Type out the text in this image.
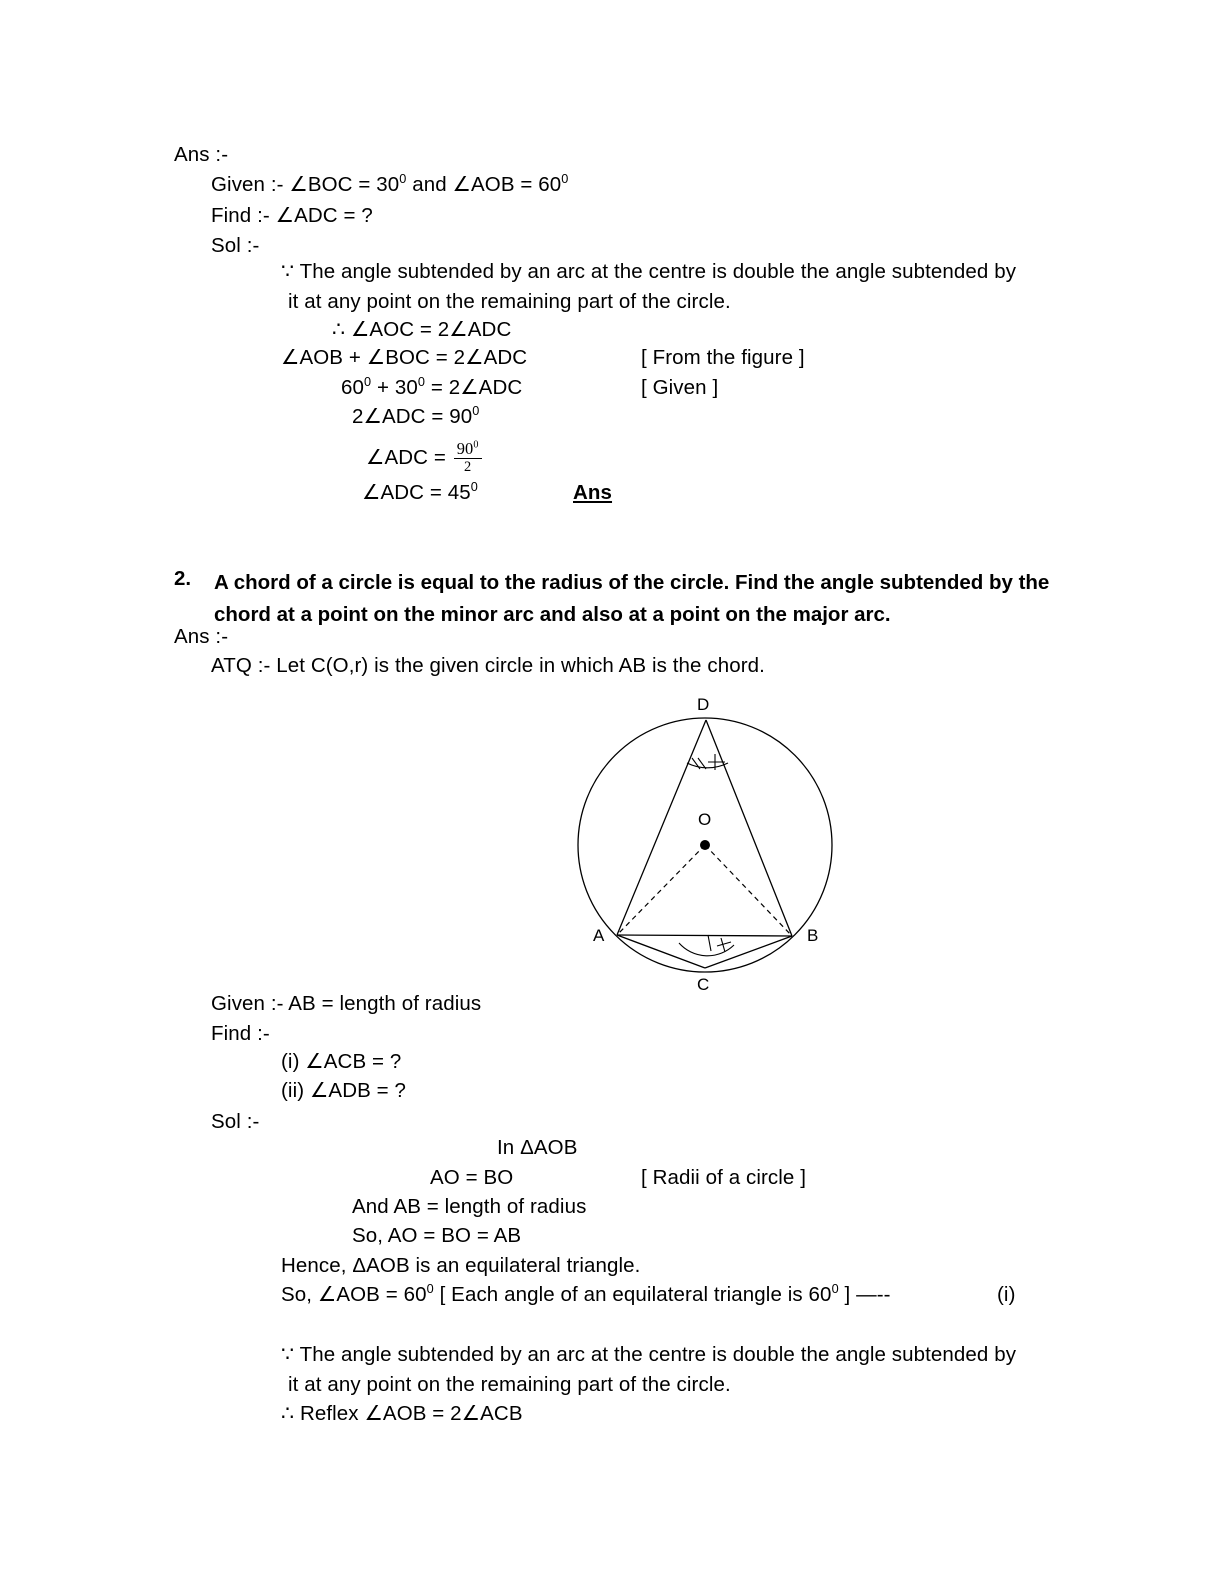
Ans :-
Given :- ∠BOC = $30^0$ and ∠AOB = $60^0$
Find :- ∠ADC = ?
Sol :-
∵ The angle subtended by an arc at the centre is double the angle subtended by
it at any point on the remaining part of the circle.
∴ ∠AOC = 2∠ADC
∠AOB + ∠BOC = 2∠ADC	[ From the figure ]
$60^0 + 30^0$ = 2∠ADC	[ Given ]
2∠ADC = $90^0$
∠ADC = $\frac{90^0}{2}$
∠ADC = $45^0$	Ans
2. A chord of a circle is equal to the radius of the circle. Find the angle subtended by the chord at a point on the minor arc and also at a point on the major arc.
Ans :-
ATQ :- Let C(O,r) is the given circle in which AB is the chord.
D
O
A	B
C
Given :- AB = length of radius
Find :-
(i) ∠ACB = ?
(ii) ∠ADB = ?
Sol :-
In ΔAOB
AO = BO	[ Radii of a circle ]
And AB = length of radius
So, AO = BO = AB
Hence, ΔAOB is an equilateral triangle.
So, ∠AOB = $60^0$ [ Each angle of an equilateral triangle is $60^0$ ] —--	(i)
∵ The angle subtended by an arc at the centre is double the angle subtended by
it at any point on the remaining part of the circle.
∴ Reflex ∠AOB = 2∠ACB
